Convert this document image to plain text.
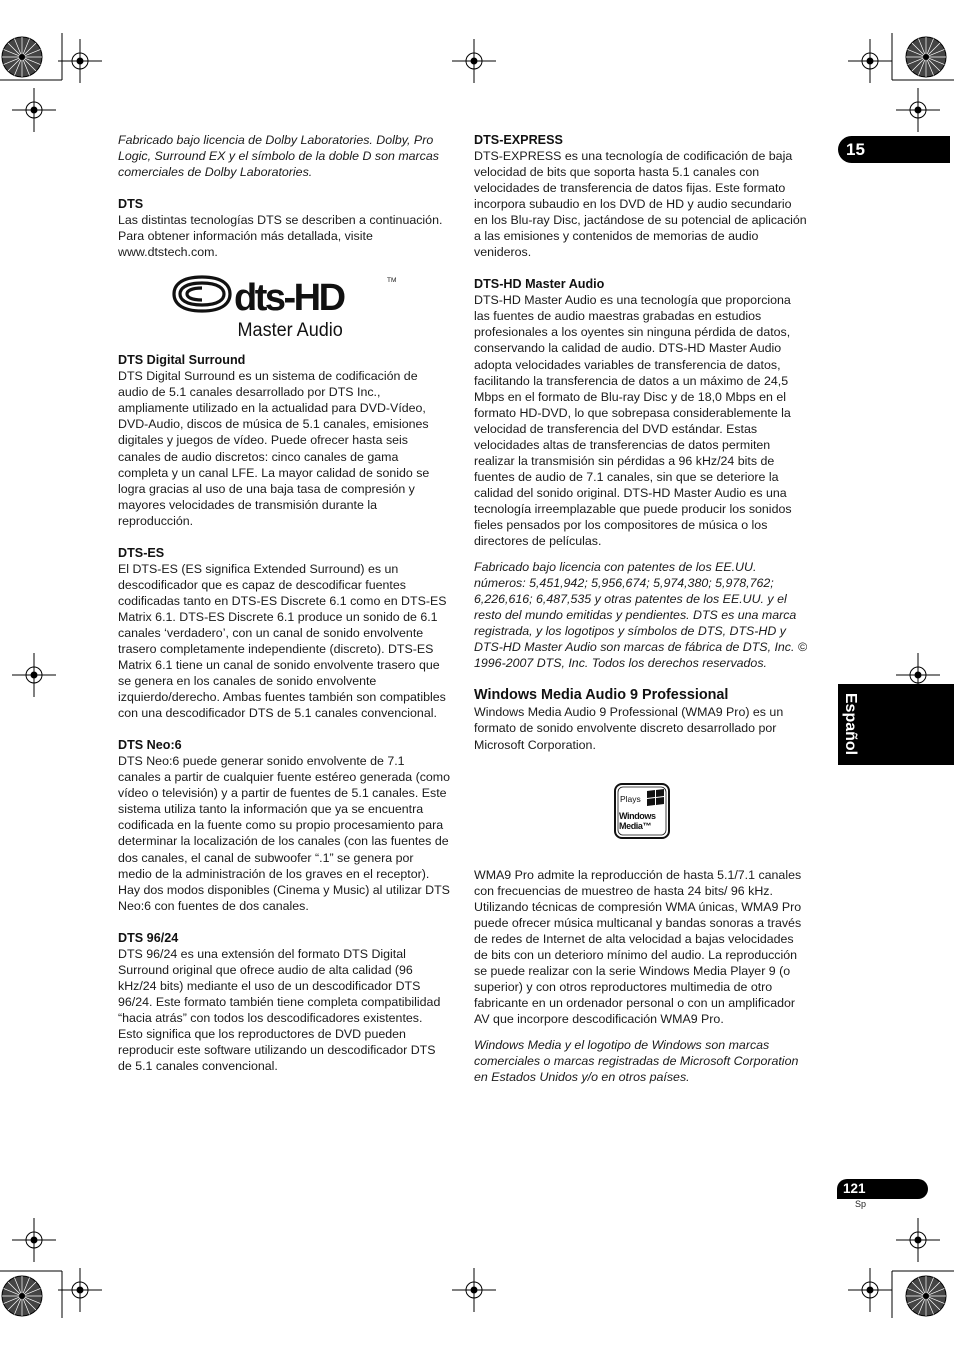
15
Español
121
Sp

Fabricado bajo licencia de Dolby Laboratories. Dolby, Pro Logic, Surround EX y el símbolo de la doble D son marcas comerciales de Dolby Laboratories.

DTS

Las distintas tecnologías DTS se describen a continuación. Para obtener información más detallada, visite www.dtstech.com.

dts-HD	TM
Master Audio
DTS Digital Surround

DTS Digital Surround es un sistema de codificación de audio de 5.1 canales desarrollado por DTS Inc., ampliamente utilizado en la actualidad para DVD-Vídeo, DVD-Audio, discos de música de 5.1 canales, emisiones digitales y juegos de vídeo. Puede ofrecer hasta seis canales de audio discretos: cinco canales de gama completa y un canal LFE. La mayor calidad de sonido se logra gracias al uso de una baja tasa de compresión y mayores velocidades de transmisión durante la reproducción.

DTS-ES

El DTS-ES (ES significa Extended Surround) es un descodificador que es capaz de descodificar fuentes codificadas tanto en DTS-ES Discrete 6.1 como en DTS-ES Matrix 6.1. DTS-ES Discrete 6.1 produce un sonido de 6.1 canales ‘verdadero’, con un canal de sonido envolvente trasero completamente independiente (discreto). DTS-ES Matrix 6.1 tiene un canal de sonido envolvente trasero que se genera en los canales de sonido envolvente izquierdo/derecho. Ambas fuentes también son compatibles con una descodificador DTS de 5.1 canales convencional.

DTS Neo:6

DTS Neo:6 puede generar sonido envolvente de 7.1 canales a partir de cualquier fuente estéreo generada (como vídeo o televisión) y a partir de fuentes de 5.1 canales. Este sistema utiliza tanto la información que ya se encuentra codificada en la fuente como su propio procesamiento para determinar la localización de los canales (con las fuentes de dos canales, el canal de subwoofer “.1” se genera por medio de la administración de los graves en el receptor). Hay dos modos disponibles (Cinema y Music) al utilizar DTS Neo:6 con fuentes de dos canales.

DTS 96/24

DTS 96/24 es una extensión del formato DTS Digital Surround original que ofrece audio de alta calidad (96 kHz/24 bits) mediante el uso de un descodificador DTS 96/24. Este formato también tiene completa compatibilidad “hacia atrás” con todos los descodificadores existentes. Esto significa que los reproductores de DVD pueden reproducir este software utilizando un descodificador DTS de 5.1 canales convencional.

DTS-EXPRESS

DTS-EXPRESS es una tecnología de codificación de baja velocidad de bits que soporta hasta 5.1 canales con velocidades de transferencia de datos fijas. Este formato incorpora subaudio en los DVD de HD y audio secundario en los Blu-ray Disc, jactándose de su potencial de aplicación a las emisiones y contenidos de memorias de audio venideros.

DTS-HD Master Audio

DTS-HD Master Audio es una tecnología que proporciona las fuentes de audio maestras grabadas en estudios profesionales a los oyentes sin ninguna pérdida de datos, conservando la calidad de audio. DTS-HD Master Audio adopta velocidades variables de transferencia de datos, facilitando la transferencia de datos a un máximo de 24,5 Mbps en el formato de Blu-ray Disc y de 18,0 Mbps en el formato HD-DVD, lo que sobrepasa considerablemente la velocidad de transferencia del DVD estándar. Estas velocidades altas de transferencias de datos permiten realizar la transmisión sin pérdidas a 96 kHz/24 bits de fuentes de audio de 7.1 canales, sin que se deteriore la calidad del sonido original. DTS-HD Master Audio es una tecnología irreemplazable que puede producir los sonidos fieles pensados por los compositores de música o los directores de películas.

Fabricado bajo licencia con patentes de los EE.UU. números: 5,451,942; 5,956,674; 5,974,380; 5,978,762; 6,226,616; 6,487,535 y otras patentes de los EE.UU. y el resto del mundo emitidas y pendientes. DTS es una marca registrada, y los logotipos y símbolos de DTS, DTS-HD y DTS-HD Master Audio son marcas de fábrica de DTS, Inc. © 1996-2007 DTS, Inc. Todos los derechos reservados.

Windows Media Audio 9 Professional

Windows Media Audio 9 Professional (WMA9 Pro) es un formato de sonido envolvente discreto desarrollado por Microsoft Corporation.

Plays
Windows
Media™

WMA9 Pro admite la reproducción de hasta 5.1/7.1 canales con frecuencias de muestreo de hasta 24 bits/ 96 kHz. Utilizando técnicas de compresión WMA únicas, WMA9 Pro puede ofrecer música multicanal y bandas sonoras a través de redes de Internet de alta velocidad a bajas velocidades de bits con un deterioro mínimo del audio. La reproducción se puede realizar con la serie Windows Media Player 9 (o superior) y con otros reproductores multimedia de otro fabricante en un ordenador personal o con un amplificador AV que incorpore descodificación WMA9 Pro.

Windows Media y el logotipo de Windows son marcas comerciales o marcas registradas de Microsoft Corporation en Estados Unidos y/o en otros países.
